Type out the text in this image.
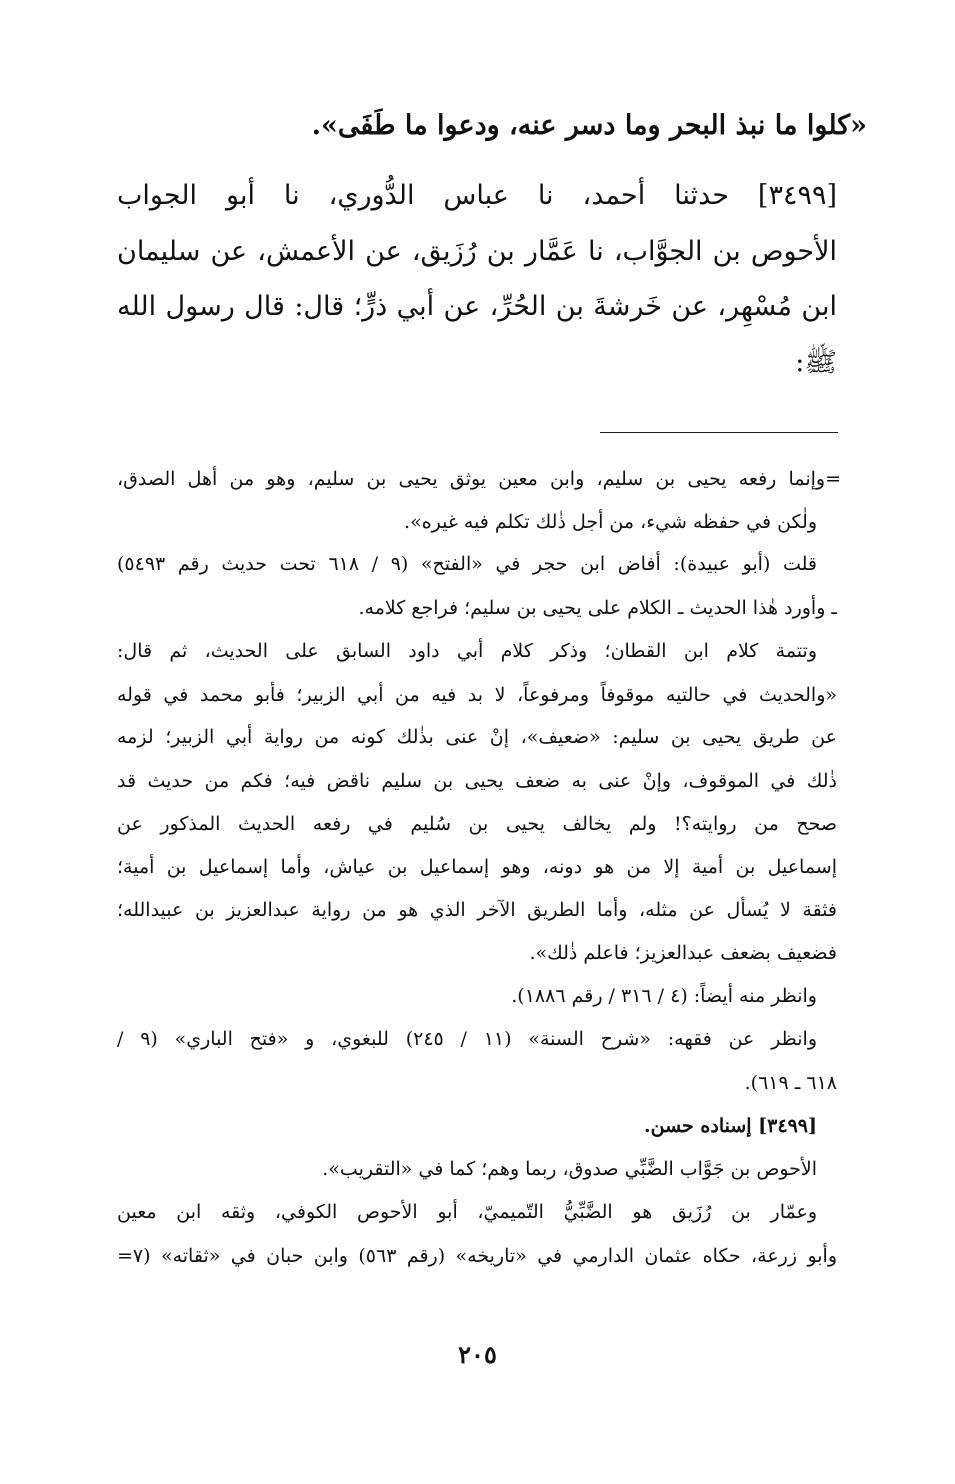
«كلوا ما نبذ البحر وما دسر عنه، ودعوا ما طَفَى».
[٣٤٩٩] حدثنا أحمد، نا عباس الدُّوري، نا أبو الجواب
الأحوص بن الجوَّاب، نا عَمَّار بن رُزَيق، عن الأعمش، عن سليمان
ابن مُسْهِر، عن خَرشةَ بن الحُرِّ، عن أبي ذرٍّ؛ قال: قال رسول الله
ﷺ:
=وإنما رفعه يحيى بن سليم، وابن معين يوثق يحيى بن سليم، وهو من أهل الصدق،
ولٰكن في حفظه شيء، من أجل ذٰلك تكلم فيه غيره».
قلت (أبو عبيدة): أفاض ابن حجر في «الفتح» (٩ / ٦١٨ تحت حديث رقم ٥٤٩٣)
ـ وأورد هٰذا الحديث ـ الكلام على يحيى بن سليم؛ فراجع كلامه.
وتتمة كلام ابن القطان؛ وذكر كلام أبي داود السابق على الحديث، ثم قال:
«والحديث في حالتيه موقوفاً ومرفوعاً، لا بد فيه من أبي الزبير؛ فأبو محمد في قوله
عن طريق يحيى بن سليم: «ضعيف»، إنْ عنى بذٰلك كونه من رواية أبي الزبير؛ لزمه
ذٰلك في الموقوف، وإنْ عنى به ضعف يحيى بن سليم ناقض فيه؛ فكم من حديث قد
صحح من روايته؟! ولم يخالف يحيى بن سُليم في رفعه الحديث المذكور عن
إسماعيل بن أمية إلا من هو دونه، وهو إسماعيل بن عياش، وأما إسماعيل بن أمية؛
فثقة لا يُسأل عن مثله، وأما الطريق الآخر الذي هو من رواية عبدالعزيز بن عبيدالله؛
فضعيف بضعف عبدالعزيز؛ فاعلم ذٰلك».
وانظر منه أيضاً: (٤ / ٣١٦ / رقم ١٨٨٦).
وانظر عن فقهه: «شرح السنة» (١١ / ٢٤٥) للبغوي، و «فتح الباري» (٩ /
٦١٨ ـ ٦١٩).
[٣٤٩٩] إسناده حسن.
الأحوص بن جَوَّاب الضَّبِّي صدوق، ربما وهم؛ كما في «التقريب».
وعمّار بن رُزَيق هو الضَّبِّيُّ التّميميّ، أبو الأحوص الكوفي، وثقه ابن معين
وأبو زرعة، حكاه عثمان الدارمي في «تاريخه» (رقم ٥٦٣) وابن حبان في «ثقاته» (٧=
٢٠٥
